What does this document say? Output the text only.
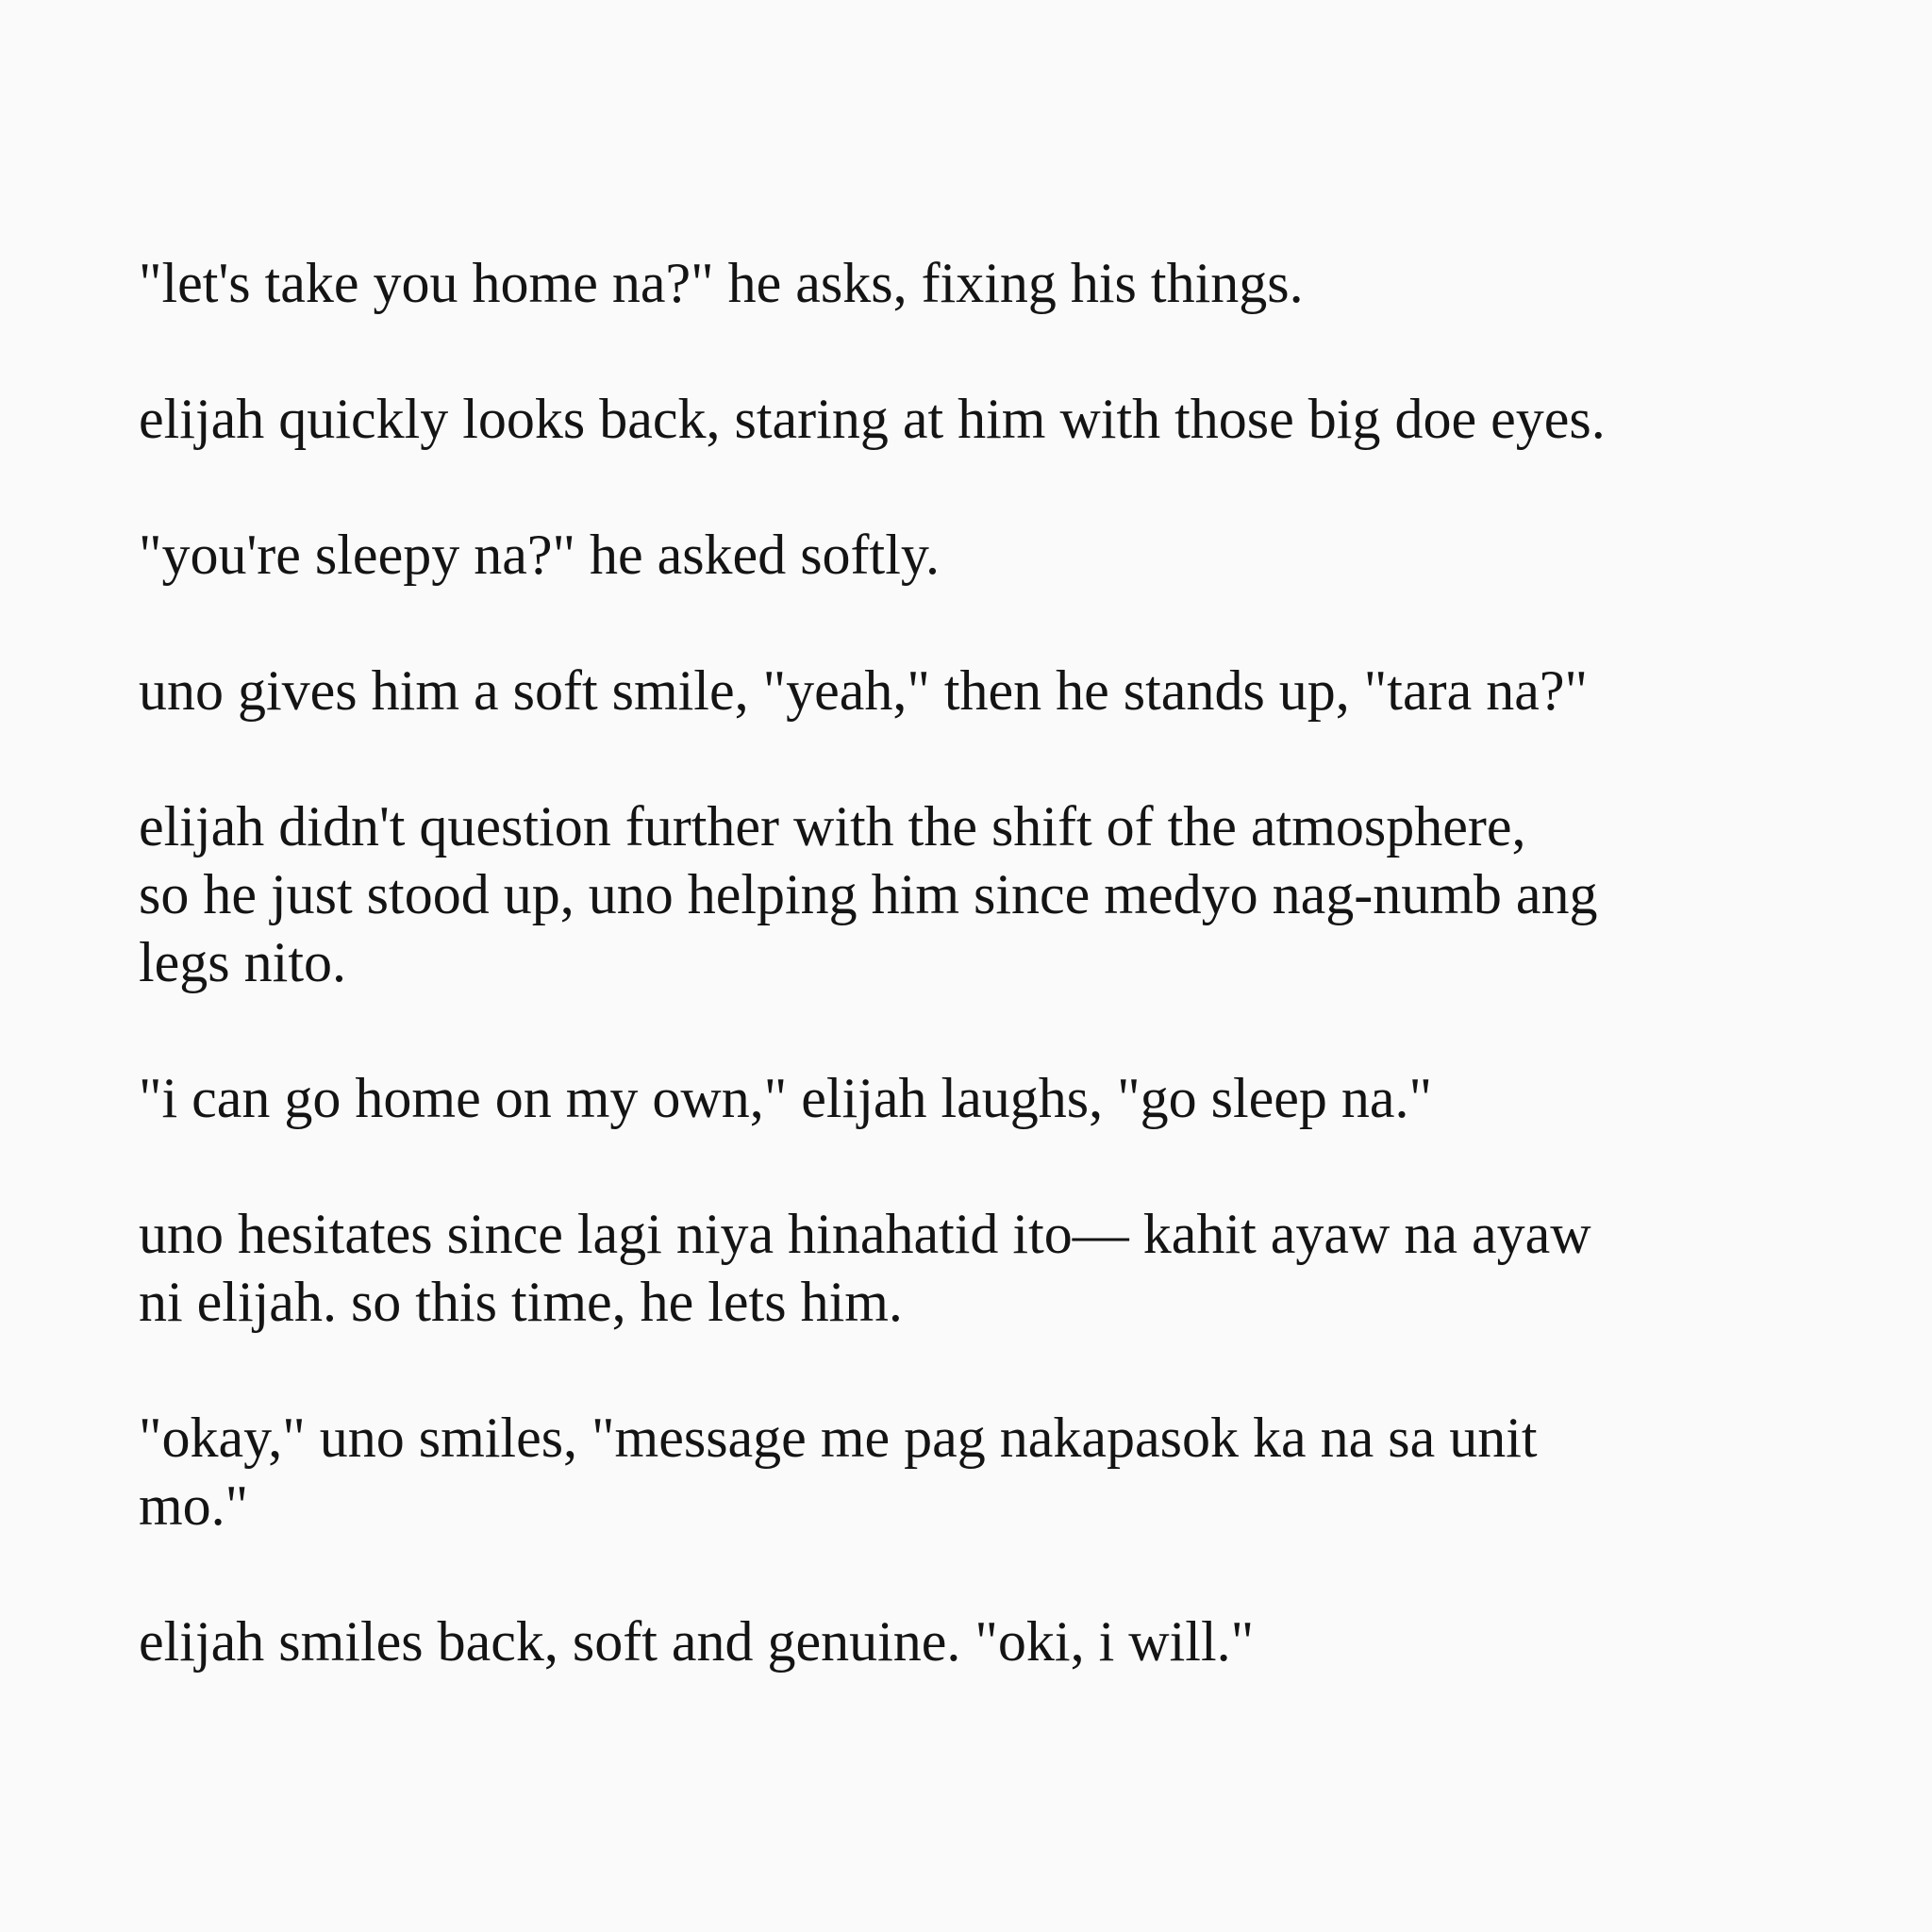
"let's take you home na?" he asks, fixing his things.

elijah quickly looks back, staring at him with those big doe eyes.

"you're sleepy na?" he asked softly.

uno gives him a soft smile, "yeah," then he stands up, "tara na?"

elijah didn't question further with the shift of the atmosphere,
so he just stood up, uno helping him since medyo nag-numb ang
legs nito.

"i can go home on my own," elijah laughs, "go sleep na."

uno hesitates since lagi niya hinahatid ito— kahit ayaw na ayaw
ni elijah. so this time, he lets him.

"okay," uno smiles, "message me pag nakapasok ka na sa unit
mo."

elijah smiles back, soft and genuine. "oki, i will."
